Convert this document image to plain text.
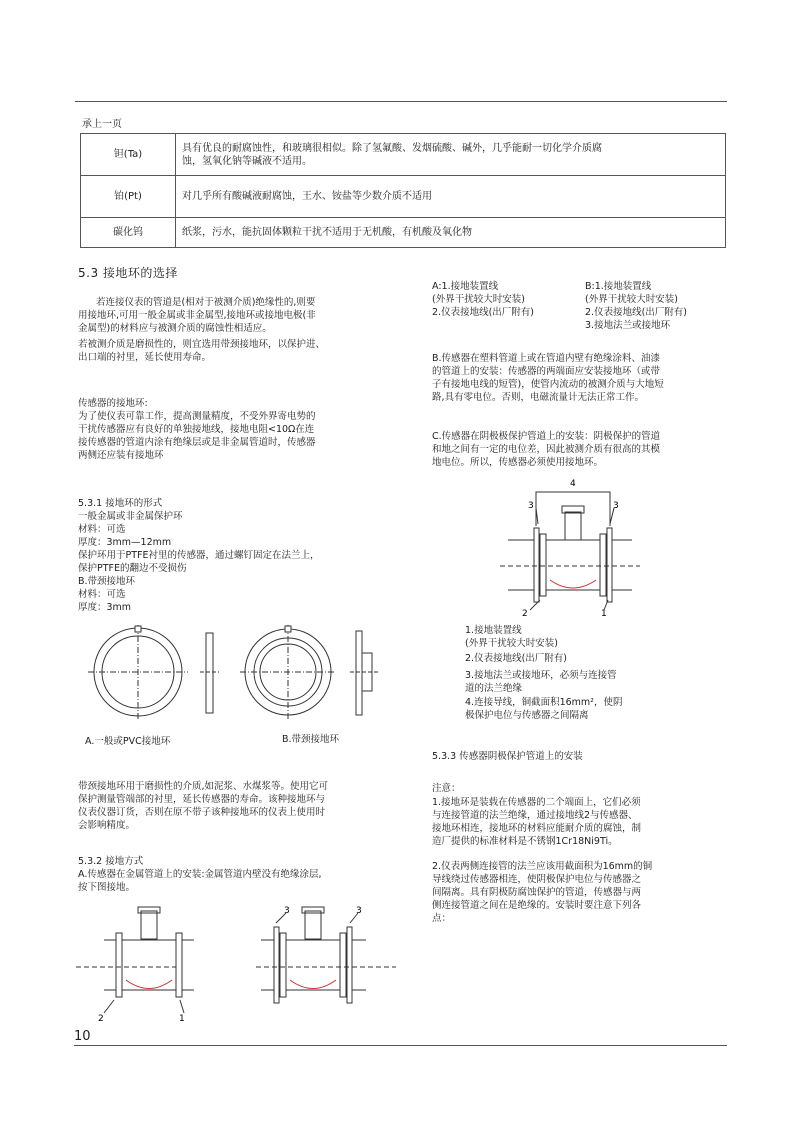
承上一页
钽(Ta)	具有优良的耐腐蚀性，和玻璃很相似。除了氢氟酸、发烟硫酸、碱外，几乎能耐一切化学介质腐
蚀，氢氧化钠等碱液不适用。
铂(Pt)	对几乎所有酸碱液耐腐蚀，王水、铵盐等少数介质不适用
碳化钨	纸浆，污水，能抗固体颗粒干扰不适用于无机酸，有机酸及氧化物
5.3 接地环的选择
若连接仪表的管道是(相对于被测介质)绝缘性的,则要
用接地环,可用一般金属或非金属型,接地环或接地电极(非
金属型)的材料应与被测介质的腐蚀性相适应。
若被测介质是磨损性的，则宜选用带颈接地环，以保护进、
出口端的衬里，延长使用寿命。
传感器的接地环:
为了使仪表可靠工作，提高测量精度，不受外界寄电势的
干扰传感器应有良好的单独接地线，接地电阻<10Ω在连
接传感器的管道内涂有绝缘层或是非金属管道时，传感器
两侧还应装有接地环
5.3.1 接地环的形式
一般金属或非金属保护环
材料：可选
厚度：3mm—12mm
保护环用于PTFE衬里的传感器，通过螺钉固定在法兰上，
保护PTFE的翻边不受损伤
B.带颈接地环
材料：可选
厚度：3mm
A.一般或PVC接地环	B.带颈接地环
带颈接地环用于磨损性的介质,如泥浆、水煤浆等。使用它可
保护测量管端部的衬里，延长传感器的寿命。该种接地环与
仪表仪器订货，否则在原不带子该种接地环的仪表上使用时
会影响精度。
5.3.2 接地方式
A.传感器在金属管道上的安装:金属管道内壁没有绝缘涂层,
按下图接地。
2	1
3	3
A:1.接地装置线
(外界干扰较大时安装)
2.仪表接地线(出厂附有)
B:1.接地装置线
(外界干扰较大时安装)
2.仪表接地线(出厂附有)
3.接地法兰或接地环
B.传感器在塑料管道上或在管道内壁有绝缘涂料、油漆
的管道上的安装：传感器的两端面应安装接地环（或带
子有接地电线的短管)，使管内流动的被测介质与大地短
路,具有零电位。否则，电磁流量计无法正常工作。
C.传感器在阴极极保护管道上的安装：阴极保护的管道
和地之间有一定的电位差，因此被测介质有很高的其模
地电位。所以，传感器必须使用接地环。
4
3	3
2	1
1.接地装置线
(外界干扰较大时安装)
2.仪表接地线(出厂附有)
3.接地法兰或接地环，必须与连接管
道的法兰绝缘
4.连接导线，铜截面积16mm²，使阴
极保护电位与传感器之间隔离
5.3.3 传感器阴极保护管道上的安装
注意：
1.接地环是装载在传感器的二个端面上，它们必须
与连接管道的法兰绝缘，通过接地线2与传感器、
接地环相连，接地环的材料应能耐介质的腐蚀，制
造厂提供的标准材料是不锈钢1Cr18Ni9Ti。
2.仪表两侧连接管的法兰应该用截面积为16mm的铜
导线绕过传感器相连，使阴极保护电位与传感器之
间隔离。具有阴极防腐蚀保护的管道，传感器与两
侧连接管道之间在是绝缘的。安装时要注意下列各
点：
10
